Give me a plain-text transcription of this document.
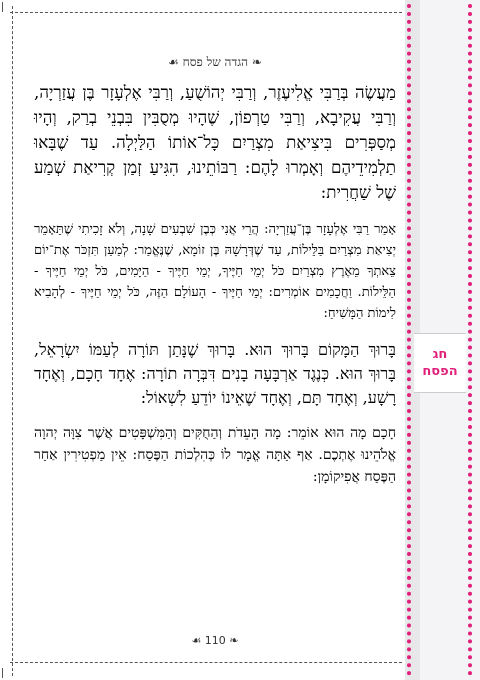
חג
הפסח
☙ הגדה של פסח ❧

מַעֲשֶׂה בְּרַבִּי אֱלִיעֶזֶר, וְרַבִּי יְהוֹשֻׁעַ, וְרַבִּי אֶלְעָזָר בֶּן עֲזַרְיָה, וְרַבִּי עֲקִיבָא, וְרַבִּי טַרְפוֹן, שֶׁהָיוּ מְסֻבִּין בִּבְנֵי בְרַק, וְהָיוּ מְסַפְּרִים בִּיצִיאַת מִצְרַיִם כָּל־אוֹתוֹ הַלַּיְלָה. עַד שֶׁבָּאוּ תַלְמִידֵיהֶם וְאָמְרוּ לָהֶם: רַבּוֹתֵינוּ, הִגִּיעַ זְמַן קְרִיאַת שְׁמַע שֶׁל שַׁחֲרִית:

אָמַר רַבִּי אֶלְעָזָר בֶּן־עֲזַרְיָה: הֲרֵי אֲנִי כְּבֶן שִׁבְעִים שָׁנָה, וְלֹא זָכִיתִי שֶׁתֵּאָמֵר יְצִיאַת מִצְרַיִם בַּלֵּילוֹת, עַד שֶׁדְּרָשָׁהּ בֶּן זוֹמָא, שֶׁנֶּאֱמַר: לְמַעַן תִּזְכֹּר אֶת־יוֹם צֵאתְךָ מֵאֶרֶץ מִצְרַיִם כֹּל יְמֵי חַיֶּיךָ, יְמֵי חַיֶּיךָ - הַיָּמִים, כֹּל יְמֵי חַיֶּיךָ - הַלֵּילוֹת. וַחֲכָמִים אוֹמְרִים: יְמֵי חַיֶּיךָ - הָעוֹלָם הַזֶּה, כֹּל יְמֵי חַיֶּיךָ - לְהָבִיא לִימוֹת הַמָּשִׁיחַ:

בָּרוּךְ הַמָּקוֹם בָּרוּךְ הוּא. בָּרוּךְ שֶׁנָּתַן תּוֹרָה לְעַמּוֹ יִשְׂרָאֵל, בָּרוּךְ הוּא. כְּנֶגֶד אַרְבָּעָה בָנִים דִּבְּרָה תוֹרָה: אֶחָד חָכָם, וְאֶחָד רָשָׁע, וְאֶחָד תָּם, וְאֶחָד שֶׁאֵינוֹ יוֹדֵעַ לִשְׁאוֹל:

חָכָם מָה הוּא אוֹמֵר: מָה הָעֵדֹת וְהַחֻקִּים וְהַמִּשְׁפָּטִים אֲשֶׁר צִוָּה יְהוָה אֱלֹהֵינוּ אֶתְכֶם. אַף אַתָּה אֱמָר לוֹ כְּהִלְכוֹת הַפֶּסַח: אֵין מַפְטִירִין אַחַר הַפֶּסַח אֲפִיקוֹמָן:

☙ 110 ❧
